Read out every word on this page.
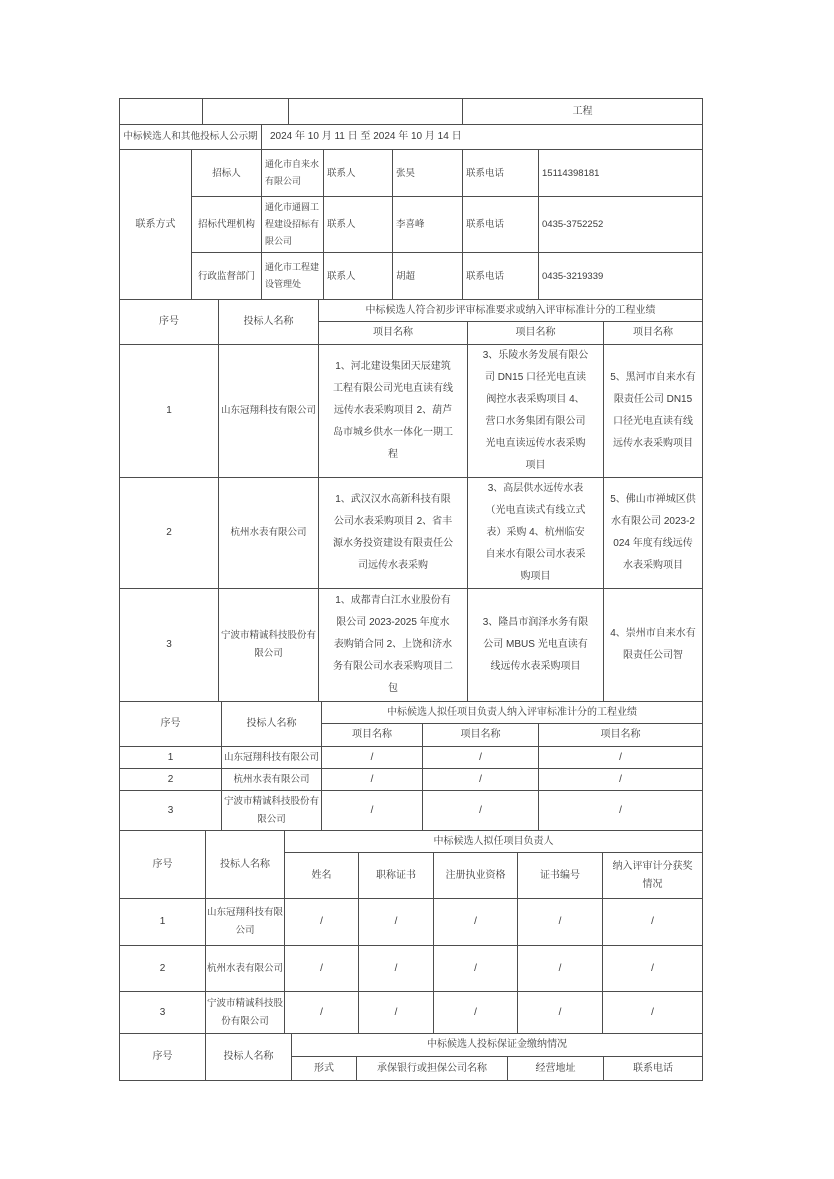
			工程
中标候选人和其他投标人公示期	2024 年 10 月 11 日 至 2024 年 10 月 14 日
联系方式	招标人	通化市自来水有限公司	联系人	张昊	联系电话	15114398181
	招标代理机构	通化市通圆工程建设招标有限公司	联系人	李喜峰	联系电话	0435-3752252
	行政监督部门	通化市工程建设管理处	联系人	胡超	联系电话	0435-3219339
序号	投标人名称	中标候选人符合初步评审标准要求或纳入评审标准计分的工程业绩		
		项目名称	项目名称	项目名称
1	山东冠翔科技有限公司	1、河北建设集团天辰建筑工程有限公司光电直读有线远传水表采购项目 2、葫芦岛市城乡供水一体化一期工程	3、乐陵水务发展有限公司 DN15 口径光电直读阀控水表采购项目 4、营口水务集团有限公司光电直读远传水表采购项目	5、黑河市自来水有限责任公司 DN15 口径光电直读有线远传水表采购项目
2	杭州水表有限公司	1、武汉汉水高新科技有限公司水表采购项目 2、省丰源水务投资建设有限责任公司远传水表采购	3、高层供水远传水表（光电直读式有线立式表）采购 4、杭州临安自来水有限公司水表采购项目	5、佛山市禅城区供水有限公司 2023-2024 年度有线远传水表采购项目
3	宁波市精诚科技股份有限公司	1、成都青白江水业股份有限公司 2023-2025 年度水表购销合同 2、上饶和济水务有限公司水表采购项目二包	3、隆昌市润泽水务有限公司 MBUS 光电直读有线远传水表采购项目	4、崇州市自来水有限责任公司智
序号	投标人名称	中标候选人拟任项目负责人纳入评审标准计分的工程业绩		
		项目名称	项目名称	项目名称
1	山东冠翔科技有限公司	/	/	/
2	杭州水表有限公司	/	/	/
3	宁波市精诚科技股份有限公司	/	/	/
序号	投标人名称	中标候选人拟任项目负责人				
		姓名	职称证书	注册执业资格	证书编号	纳入评审计分获奖情况
1	山东冠翔科技有限公司	/	/	/	/	/
2	杭州水表有限公司	/	/	/	/	/
3	宁波市精诚科技股份有限公司	/	/	/	/	/
序号	投标人名称	中标候选人投标保证金缴纳情况			
		形式	承保银行或担保公司名称	经营地址	联系电话
